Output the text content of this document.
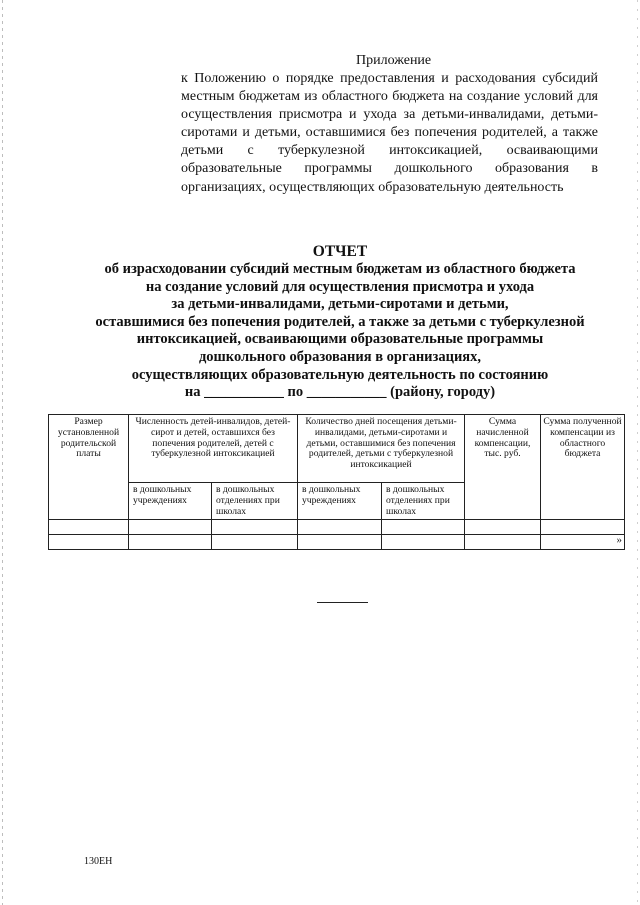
Приложение
к Положению о порядке предоставления и расходования субсидий местным бюджетам из областного бюджета на создание условий для осуществления присмотра и ухода за детьми-инвалидами, детьми-сиротами и детьми, оставшимися без попечения родителей, а также детьми с туберкулезной интоксикацией, осваивающими образовательные программы дошкольного образования в организациях, осуществляющих образовательную деятельность
ОТЧЕТ
об израсходовании субсидий местным бюджетам из областного бюджета
на создание условий для осуществления присмотра и ухода
за детьми-инвалидами, детьми-сиротами и детьми,
оставшимися без попечения родителей, а также за детьми с туберкулезной
интоксикацией, осваивающими образовательные программы
дошкольного образования в организациях,
осуществляющих образовательную деятельность по состоянию
на ___________ по ___________ (району, городу)
Размер установленной родительской платы	Численность детей-инвалидов, детей-сирот и детей, оставшихся без попечения родителей, детей с туберкулезной интоксикацией		Количество дней посещения детьми-инвалидами, детьми-сиротами и детьми, оставшимися без попечения родителей, детьми с туберкулезной интоксикацией		Сумма начисленной компенсации, тыс. руб.	Сумма полученной компенсации из областного бюджета
	в дошкольных учреждениях	в дошкольных отделениях при школах	в дошкольных учреждениях	в дошкольных отделениях при школах		

						»
130EH
